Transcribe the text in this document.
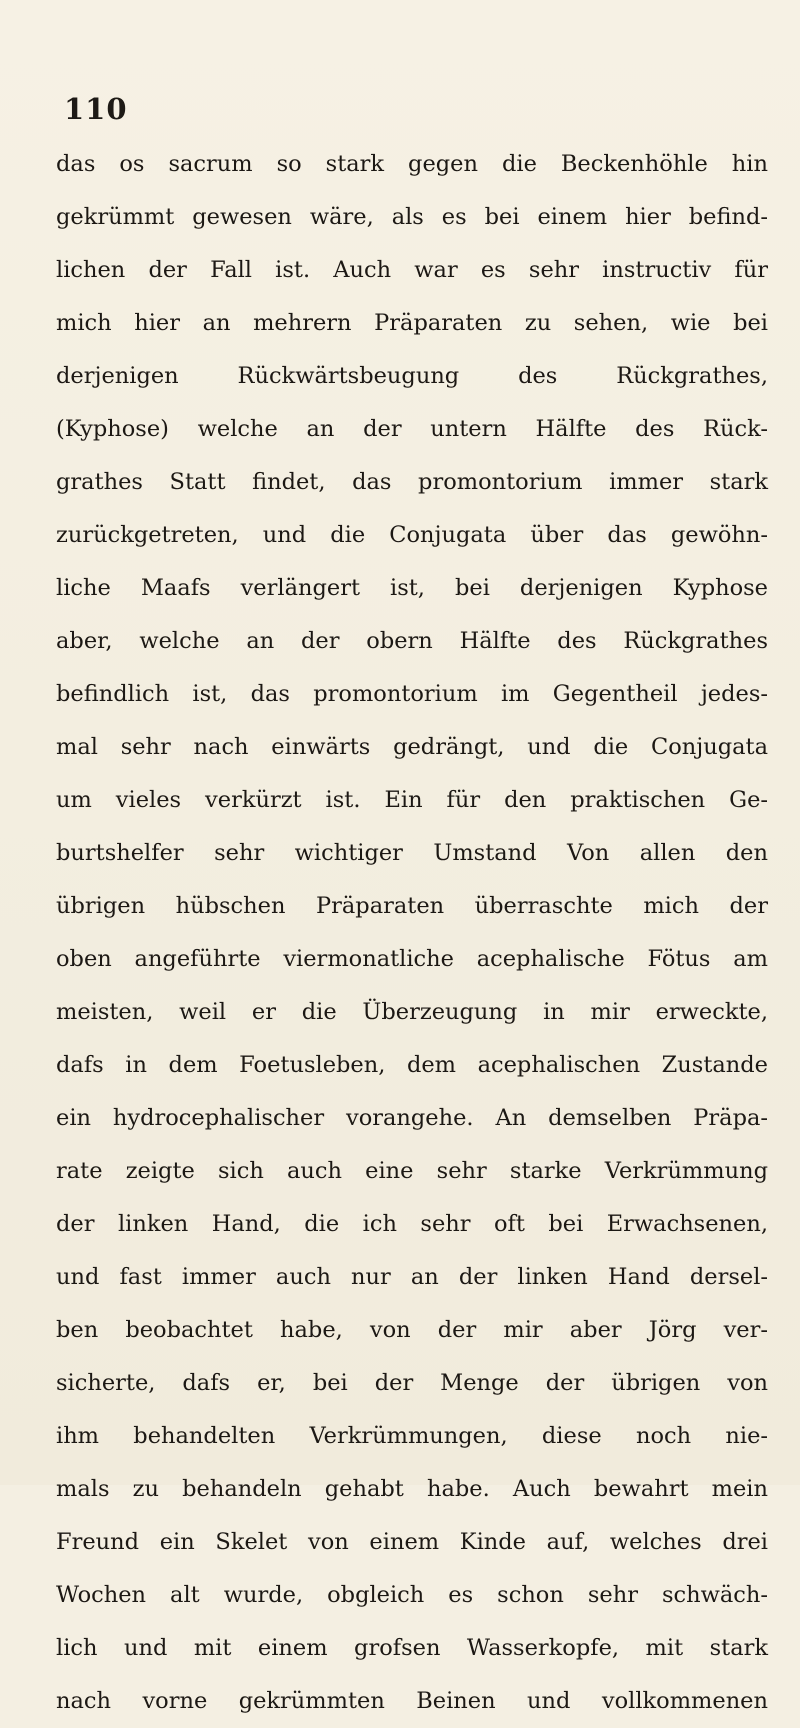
110
das os sacrum so stark gegen die Beckenhöhle hin
gekrümmt gewesen wäre, als es bei einem hier befind-
lichen der Fall ist. Auch war es sehr instructiv für
mich hier an mehrern Präparaten zu sehen, wie bei
derjenigen Rückwärtsbeugung des Rückgrathes,
(Kyphose) welche an der untern Hälfte des Rück-
grathes Statt findet, das promontorium immer stark
zurückgetreten, und die Conjugata über das gewöhn-
liche Maafs verlängert ist, bei derjenigen Kyphose
aber, welche an der obern Hälfte des Rückgrathes
befindlich ist, das promontorium im Gegentheil jedes-
mal sehr nach einwärts gedrängt, und die Conjugata
um vieles verkürzt ist. Ein für den praktischen Ge-
burtshelfer sehr wichtiger Umstand Von allen den
übrigen hübschen Präparaten überraschte mich der
oben angeführte viermonatliche acephalische Fötus am
meisten, weil er die Überzeugung in mir erweckte,
dafs in dem Foetusleben, dem acephalischen Zustande
ein hydrocephalischer vorangehe. An demselben Präpa-
rate zeigte sich auch eine sehr starke Verkrümmung
der linken Hand, die ich sehr oft bei Erwachsenen,
und fast immer auch nur an der linken Hand dersel-
ben beobachtet habe, von der mir aber Jörg ver-
sicherte, dafs er, bei der Menge der übrigen von
ihm behandelten Verkrümmungen, diese noch nie-
mals zu behandeln gehabt habe. Auch bewahrt mein
Freund ein Skelet von einem Kinde auf, welches drei
Wochen alt wurde, obgleich es schon sehr schwäch-
lich und mit einem grofsen Wasserkopfe, mit stark
nach vorne gekrümmten Beinen und vollkommenen
